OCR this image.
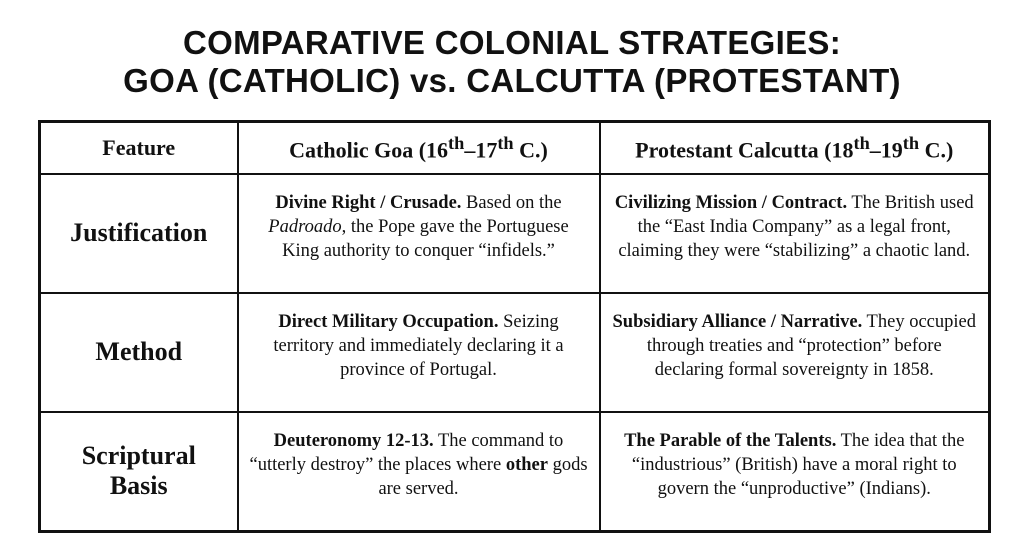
COMPARATIVE COLONIAL STRATEGIES:
GOA (CATHOLIC) vs. CALCUTTA (PROTESTANT)
Feature	Catholic Goa (16th–17th C.)	Protestant Calcutta (18th–19th C.)
Justification	Divine Right / Crusade. Based on the Padroado, the Pope gave the Portuguese King authority to conquer “infidels.”	Civilizing Mission / Contract. The British used the “East India Company” as a legal front, claiming they were “stabilizing” a chaotic land.
Method	Direct Military Occupation. Seizing territory and immediately declaring it a province of Portugal.	Subsidiary Alliance / Narrative. They occupied through treaties and “protection” before declaring formal sovereignty in 1858.

Scriptural
Basis	Deuteronomy 12-13. The command to “utterly destroy” the places where other gods are served.	The Parable of the Talents. The idea that the “industrious” (British) have a moral right to govern the “unproductive” (Indians).
